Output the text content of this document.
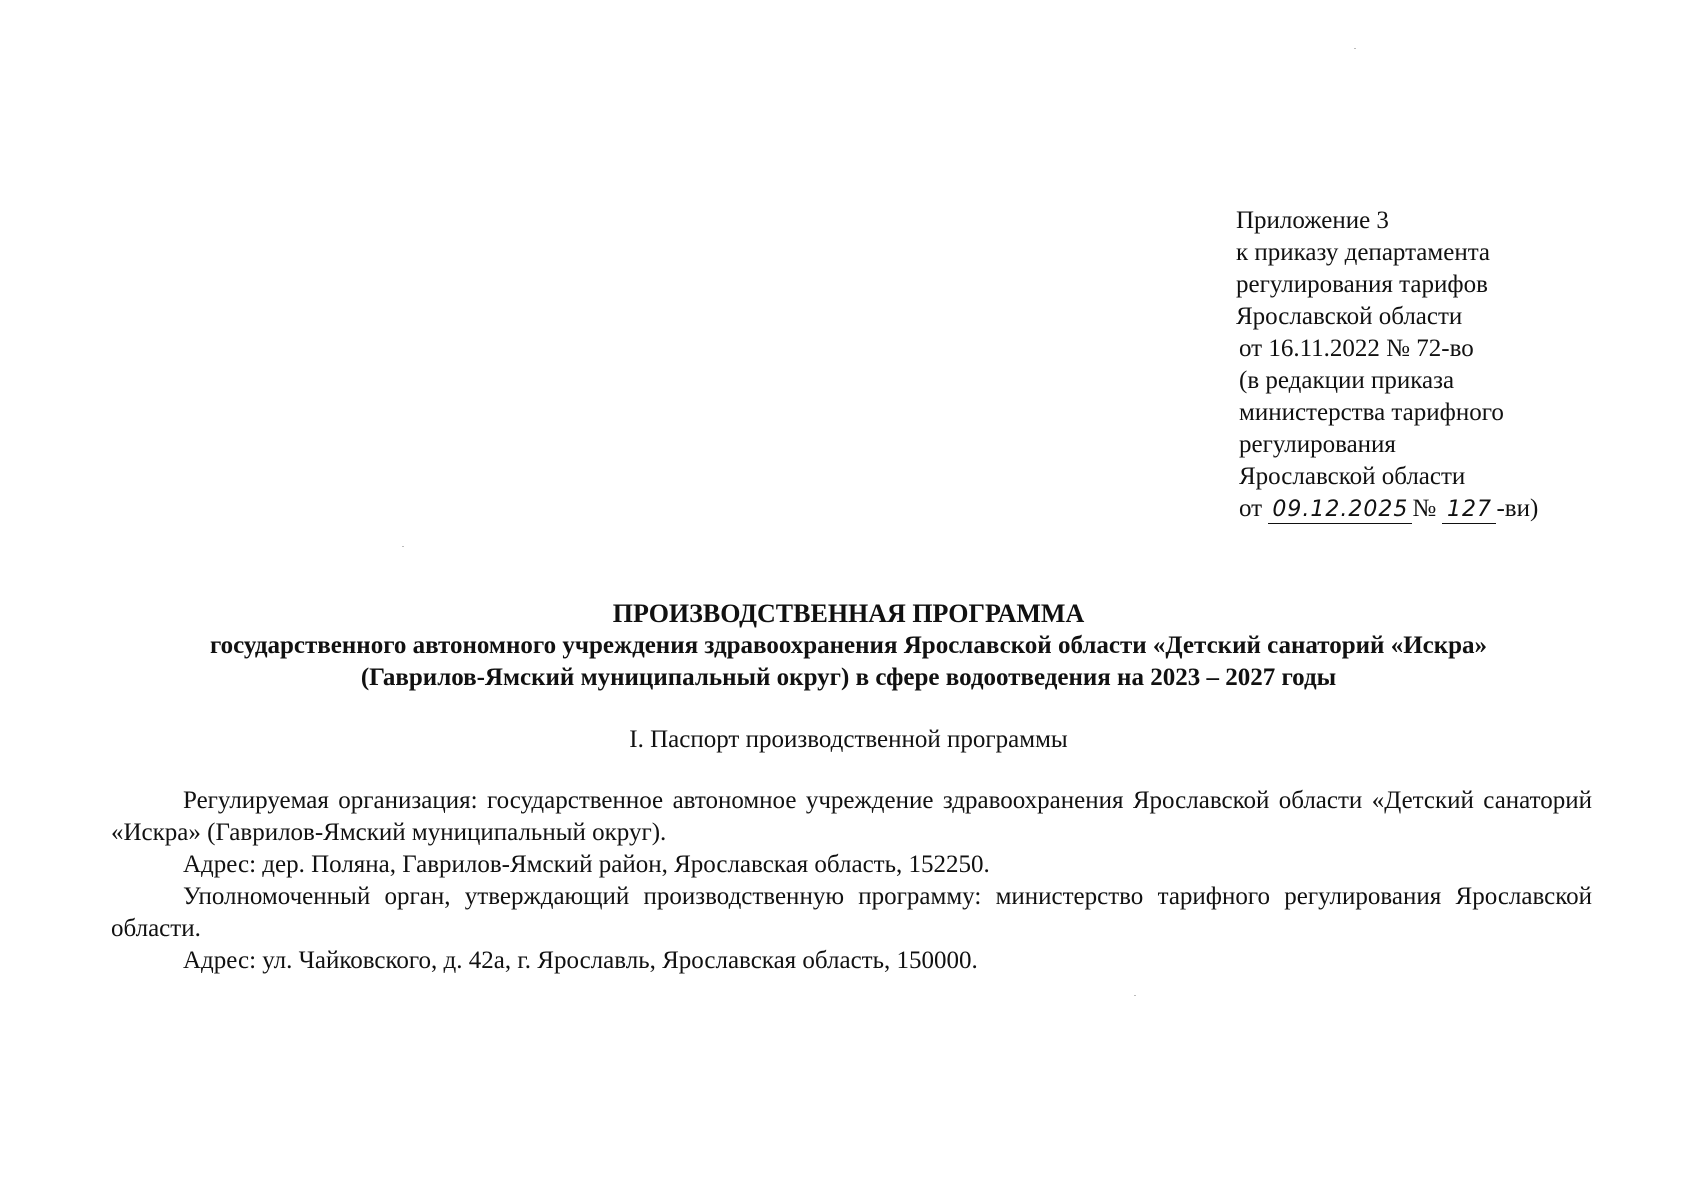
Приложение 3
к приказу департамента
регулирования тарифов
Ярославской области
от 16.11.2022 № 72-во
(в редакции приказа
министерства тарифного
регулирования
Ярославской области
от 09.12.2025 № 127 -ви)
ПРОИЗВОДСТВЕННАЯ ПРОГРАММА
государственного автономного учреждения здравоохранения Ярославской области «Детский санаторий «Искра»
(Гаврилов-Ямский муниципальный округ) в сфере водоотведения на 2023 – 2027 годы
I. Паспорт производственной программы

Регулируемая организация: государственное автономное учреждение здравоохранения Ярославской области «Детский санаторий «Искра» (Гаврилов-Ямский муниципальный округ).

Адрес: дер. Поляна, Гаврилов-Ямский район, Ярославская область, 152250.

Уполномоченный орган, утверждающий производственную программу: министерство тарифного регулирования Ярославской области.

Адрес: ул. Чайковского, д. 42а, г. Ярославль, Ярославская область, 150000.
